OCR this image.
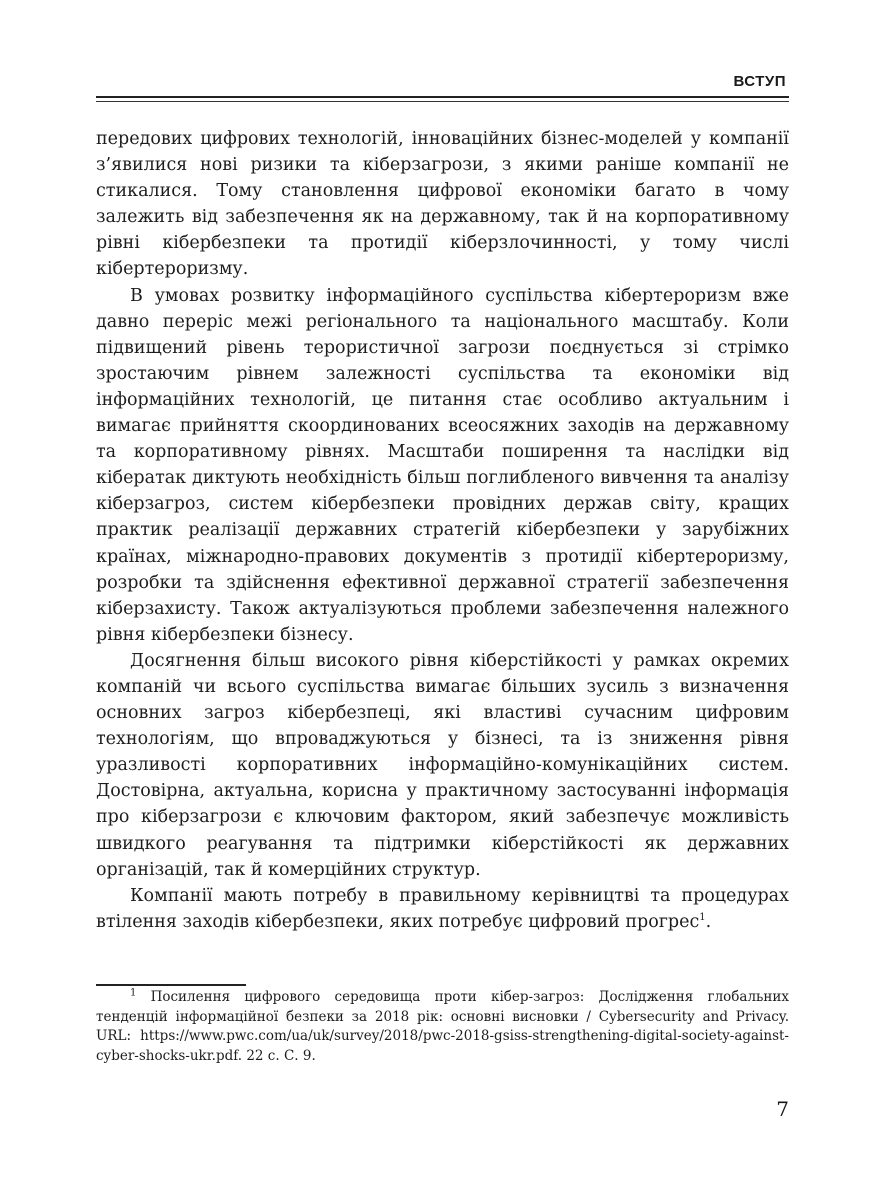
ВСТУП

передових цифрових технологій, інноваційних бізнес-моделей у компанії з’явилися нові ризики та кіберзагрози, з якими раніше компанії не стикалися. Тому становлення цифрової економіки багато в чому залежить від забезпечення як на державному, так й на корпоративному рівні кібербезпеки та протидії кіберзлочинності, у тому числі кібертероризму.

В умовах розвитку інформаційного суспільства кібертероризм вже давно переріс межі регіонального та національного масштабу. Коли підвищений рівень терористичної загрози поєднується зі стрімко зростаючим рівнем залежності суспільства та економіки від інформаційних технологій, це питання стає особливо актуальним і вимагає прийняття скоординованих всеосяжних заходів на державному та корпоративному рівнях. Масштаби поширення та наслідки від кібератак диктують необхідність більш поглибленого вивчення та аналізу кіберзагроз, систем кібербезпеки провідних держав світу, кращих практик реалізації державних стратегій кібербезпеки у зарубіжних країнах, міжнародно-правових документів з протидії кібертероризму, розробки та здійснення ефективної державної стратегії забезпечення кіберзахисту. Також актуалізуються проблеми забезпечення належного рівня кібербезпеки бізнесу.

Досягнення більш високого рівня кіберстійкості у рамках окремих компаній чи всього суспільства вимагає більших зусиль з визначення основних загроз кібербезпеці, які властиві сучасним цифровим технологіям, що впроваджуються у бізнесі, та із зниження рівня уразливості корпоративних інформаційно-комунікаційних систем. Достовірна, актуальна, корисна у практичному застосуванні інформація про кіберзагрози є ключовим фактором, який забезпечує можливість швидкого реагування та підтримки кіберстійкості як державних організацій, так й комерційних структур.

Компанії мають потребу в правильному керівництві та процедурах втілення заходів кібербезпеки, яких потребує цифровий прогрес$^1$.

$^1$ Посилення цифрового середовища проти кібер-загроз: Дослідження глобальних тенденцій інформаційної безпеки за 2018 рік: основні висновки / Cybersecurity and Privacy. URL: https://www.pwc.com/ua/uk/survey/2018/pwc-2018-gsiss-strengthening-digital-society-against-cyber-shocks-ukr.pdf. 22 с. С. 9.

7
